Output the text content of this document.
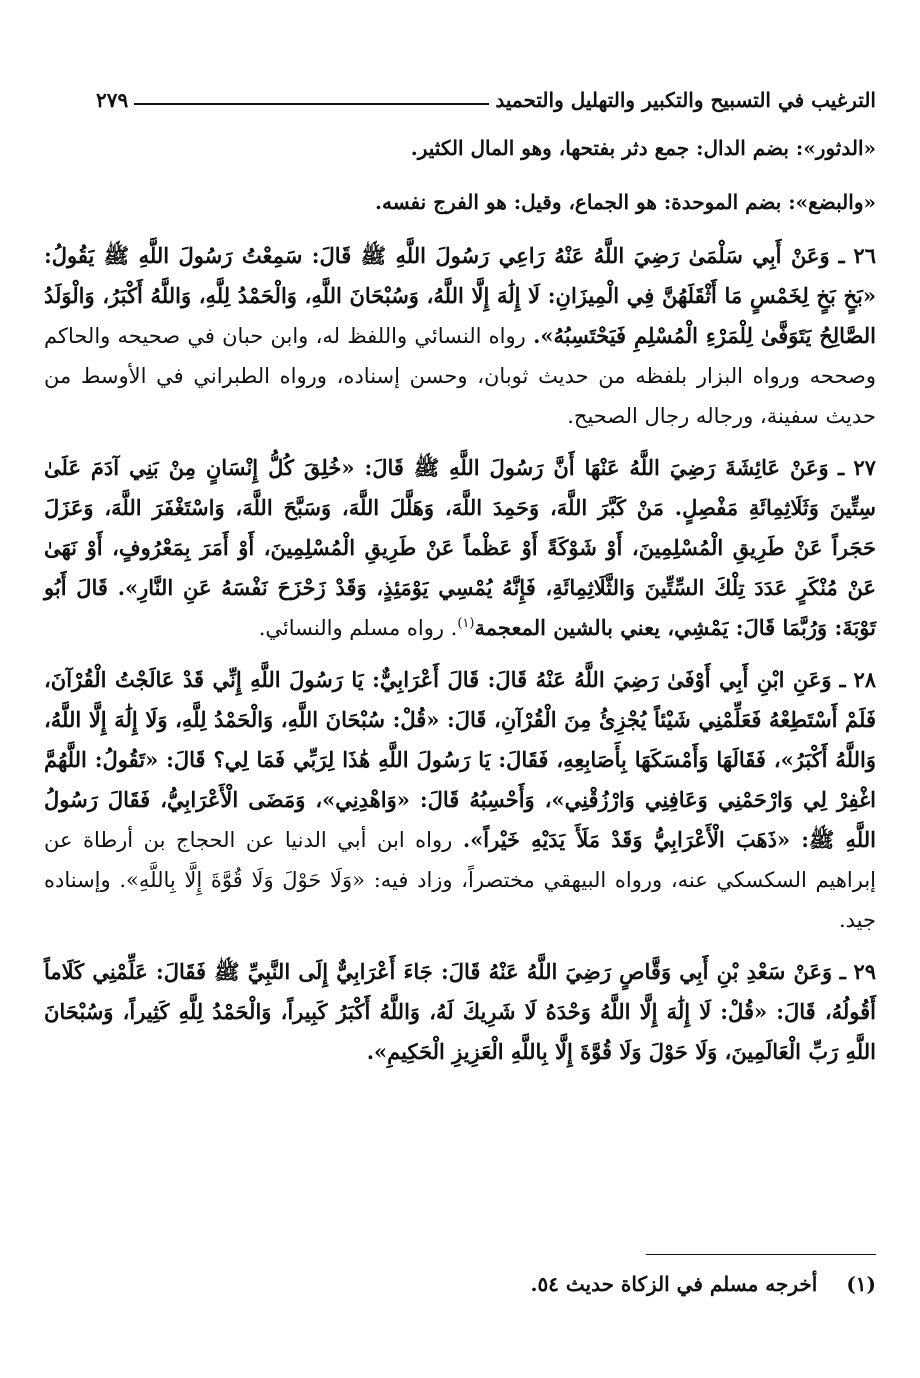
الترغيب في التسبيح والتكبير والتهليل والتحميد
٢٧٩

«الدثور»: بضم الدال: جمع دثر بفتحها، وهو المال الكثير.

«والبضع»: بضم الموحدة: هو الجماع، وقيل: هو الفرج نفسه.

٢٦ ـ وَعَنْ أَبِي سَلْمَىٰ رَضِيَ اللَّهُ عَنْهُ رَاعِي رَسُولَ اللَّهِ ﷺ قَالَ: سَمِعْتُ رَسُولَ اللَّهِ ﷺ يَقُولُ: «بَخٍ بَخٍ لِخَمْسٍ مَا أَثْقَلَهُنَّ فِي الْمِيزَانِ: لَا إِلَٰهَ إِلَّا اللَّهُ، وَسُبْحَانَ اللَّهِ، وَالْحَمْدُ لِلَّهِ، وَاللَّهُ أَكْبَرُ، وَالْوَلَدُ الصَّالِحُ يَتَوَفَّىٰ لِلْمَرْءِ الْمُسْلِمِ فَيَحْتَسِبُهُ». رواه النسائي واللفظ له، وابن حبان في صحيحه والحاكم وصححه ورواه البزار بلفظه من حديث ثوبان، وحسن إسناده، ورواه الطبراني في الأوسط من حديث سفينة، ورجاله رجال الصحيح.

٢٧ ـ وَعَنْ عَائِشَةَ رَضِيَ اللَّهُ عَنْهَا أَنَّ رَسُولَ اللَّهِ ﷺ قَالَ: «خُلِقَ كُلُّ إِنْسَانٍ مِنْ بَنِي آدَمَ عَلَىٰ سِتِّينَ وَثَلَاثِمِائَةِ مَفْصِلٍ. مَنْ كَبَّرَ اللَّهَ، وَحَمِدَ اللَّهَ، وَهَلَّلَ اللَّهَ، وَسَبَّحَ اللَّهَ، وَاسْتَغْفَرَ اللَّهَ، وَعَزَلَ حَجَراً عَنْ طَرِيقِ الْمُسْلِمِينَ، أَوْ شَوْكَةً أَوْ عَظْماً عَنْ طَرِيقِ الْمُسْلِمِينَ، أَوْ أَمَرَ بِمَعْرُوفٍ، أَوْ نَهَىٰ عَنْ مُنْكَرٍ عَدَدَ تِلْكَ السِّتِّينَ وَالثَّلَاثِمِائَةِ، فَإِنَّهُ يُمْسِي يَوْمَئِذٍ، وَقَدْ زَحْزَحَ نَفْسَهُ عَنِ النَّارِ». قَالَ أَبُو تَوْبَةَ: وَرُبَّمَا قَالَ: يَمْشِي، يعني بالشين المعجمة$^{(١)}$. رواه مسلم والنسائي.

٢٨ ـ وَعَنِ ابْنِ أَبِي أَوْفَىٰ رَضِيَ اللَّهُ عَنْهُ قَالَ: قَالَ أَعْرَابِيٌّ: يَا رَسُولَ اللَّهِ إِنِّي قَدْ عَالَجْتُ الْقُرْآنَ، فَلَمْ أَسْتَطِعْهُ فَعَلِّمْنِي شَيْئاً يُجْزِئُ مِنَ الْقُرْآنِ، قَالَ: «قُلْ: سُبْحَانَ اللَّهِ، وَالْحَمْدُ لِلَّهِ، وَلَا إِلَٰهَ إِلَّا اللَّهُ، وَاللَّهُ أَكْبَرُ»، فَقَالَهَا وَأَمْسَكَهَا بِأَصَابِعِهِ، فَقَالَ: يَا رَسُولَ اللَّهِ هَٰذَا لِرَبِّي فَمَا لِي؟ قَالَ: «تَقُولُ: اللَّهُمَّ اغْفِرْ لِي وَارْحَمْنِي وَعَافِنِي وَارْزُقْنِي»، وَأَحْسِبُهُ قَالَ: «وَاهْدِنِي»، وَمَضَى الْأَعْرَابِيُّ، فَقَالَ رَسُولُ اللَّهِ ﷺ: «ذَهَبَ الْأَعْرَابِيُّ وَقَدْ مَلَأَ يَدَيْهِ خَيْراً». رواه ابن أبي الدنيا عن الحجاج بن أرطاة عن إبراهيم السكسكي عنه، ورواه البيهقي مختصراً، وزاد فيه: «وَلَا حَوْلَ وَلَا قُوَّةَ إِلَّا بِاللَّهِ». وإسناده جيد.

٢٩ ـ وَعَنْ سَعْدِ بْنِ أَبِي وَقَّاصٍ رَضِيَ اللَّهُ عَنْهُ قَالَ: جَاءَ أَعْرَابِيٌّ إِلَى النَّبِيِّ ﷺ فَقَالَ: عَلِّمْنِي كَلَاماً أَقُولُهُ، قَالَ: «قُلْ: لَا إِلَٰهَ إِلَّا اللَّهُ وَحْدَهُ لَا شَرِيكَ لَهُ، وَاللَّهُ أَكْبَرُ كَبِيراً، وَالْحَمْدُ لِلَّهِ كَثِيراً، وَسُبْحَانَ اللَّهِ رَبِّ الْعَالَمِينَ، وَلَا حَوْلَ وَلَا قُوَّةَ إِلَّا بِاللَّهِ الْعَزِيزِ الْحَكِيمِ».

(١) أخرجه مسلم في الزكاة حديث ٥٤.
